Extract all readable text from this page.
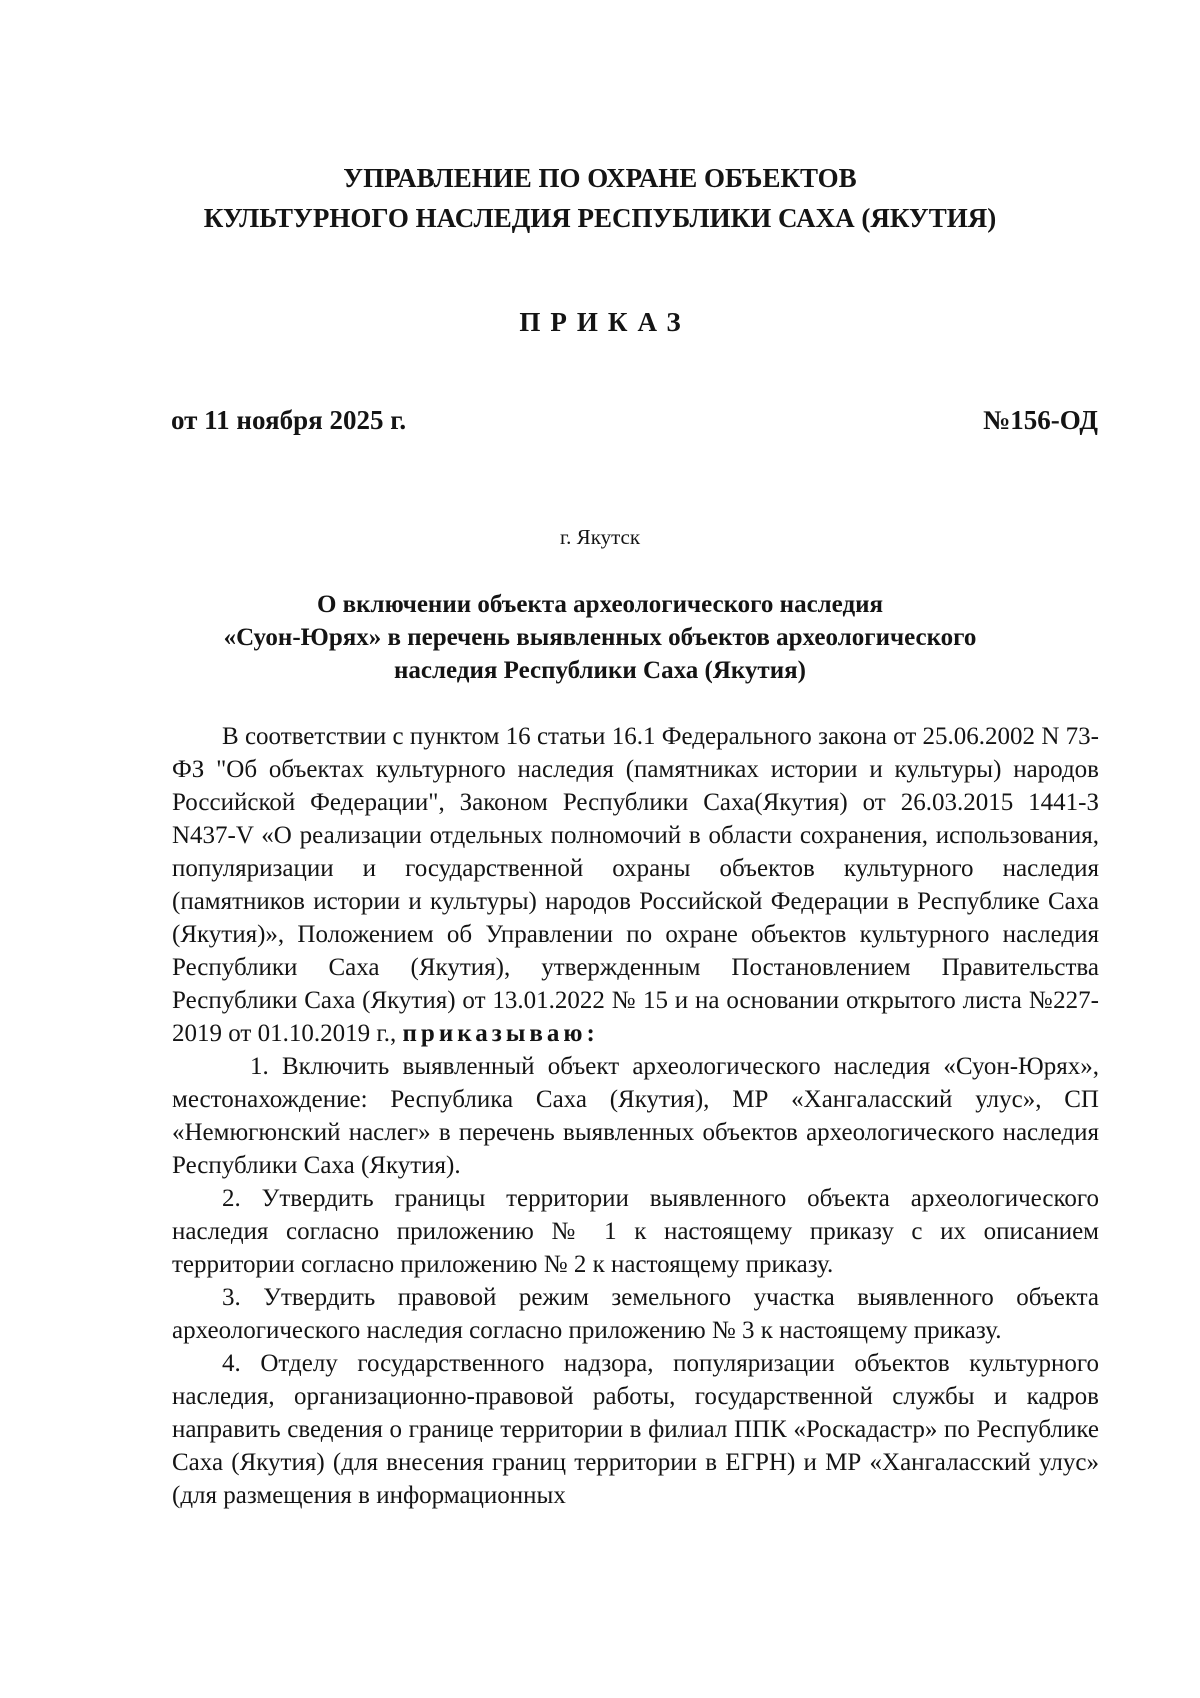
УПРАВЛЕНИЕ ПО ОХРАНЕ ОБЪЕКТОВ
КУЛЬТУРНОГО НАСЛЕДИЯ РЕСПУБЛИКИ САХА (ЯКУТИЯ)
ПРИКАЗ
от 11 ноября 2025 г.	№156-ОД
г. Якутск
О включении объекта археологического наследия
«Суон-Юрях» в перечень выявленных объектов археологического
наследия Республики Саха (Якутия)

В соответствии с пунктом 16 статьи 16.1 Федерального закона от 25.06.2002 N 73-ФЗ "Об объектах культурного наследия (памятниках истории и культуры) народов Российской Федерации", Законом Республики Саха(Якутия) от 26.03.2015 1441-З N437-V «О реализации отдельных полномочий в области сохранения, использования, популяризации и государственной охраны объектов культурного наследия (памятников истории и культуры) народов Российской Федерации в Республике Саха (Якутия)», Положением об Управлении по охране объектов культурного наследия Республики Саха (Якутия), утвержденным Постановлением Правительства Республики Саха (Якутия) от 13.01.2022 № 15 и на основании открытого листа №227-2019 от 01.10.2019 г., приказываю:

1. Включить выявленный объект археологического наследия «Суон-Юрях», местонахождение: Республика Саха (Якутия), МР «Хангаласский улус», СП «Немюгюнский наслег» в перечень выявленных объектов археологического наследия Республики Саха (Якутия).

2. Утвердить границы территории выявленного объекта археологического наследия согласно приложению № 1 к настоящему приказу с их описанием территории согласно приложению № 2 к настоящему приказу.

3. Утвердить правовой режим земельного участка выявленного объекта археологического наследия согласно приложению № 3 к настоящему приказу.

4. Отделу государственного надзора, популяризации объектов культурного наследия, организационно-правовой работы, государственной службы и кадров направить сведения о границе территории в филиал ППК «Роскадастр» по Республике Саха (Якутия) (для внесения границ территории в ЕГРН) и МР «Хангаласский улус» (для размещения в информационных
